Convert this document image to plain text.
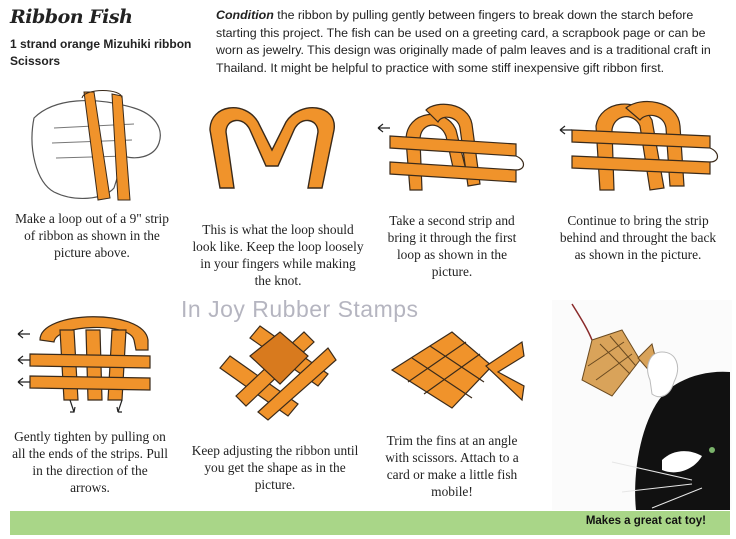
Ribbon Fish
1 strand orange Mizuhiki ribbon
Scissors
Condition the ribbon by pulling gently between fingers to break down the starch before starting this project. The fish can be used on a greeting card, a scrapbook page or can be worn as jewelry. This design was originally made of palm leaves and is a traditional craft in Thailand. It might be helpful to practice with some stiff inexpensive gift ribbon first.
Make a loop out of a 9" strip of ribbon as shown in the picture above.
This is what the loop should look like. Keep the loop loosely in your fingers while making the knot.
Take a second strip and bring it through the first loop as shown in the picture.
Continue to bring the strip behind and throught the back as shown in the picture.
Gently tighten by pulling on all the ends of the strips. Pull in the direction of the arrows.
Keep adjusting the ribbon until you get the shape as in the picture.
Trim the fins at an angle with scissors. Attach to a card or make a little fish mobile!
In Joy Rubber Stamps
Makes a great cat toy!
